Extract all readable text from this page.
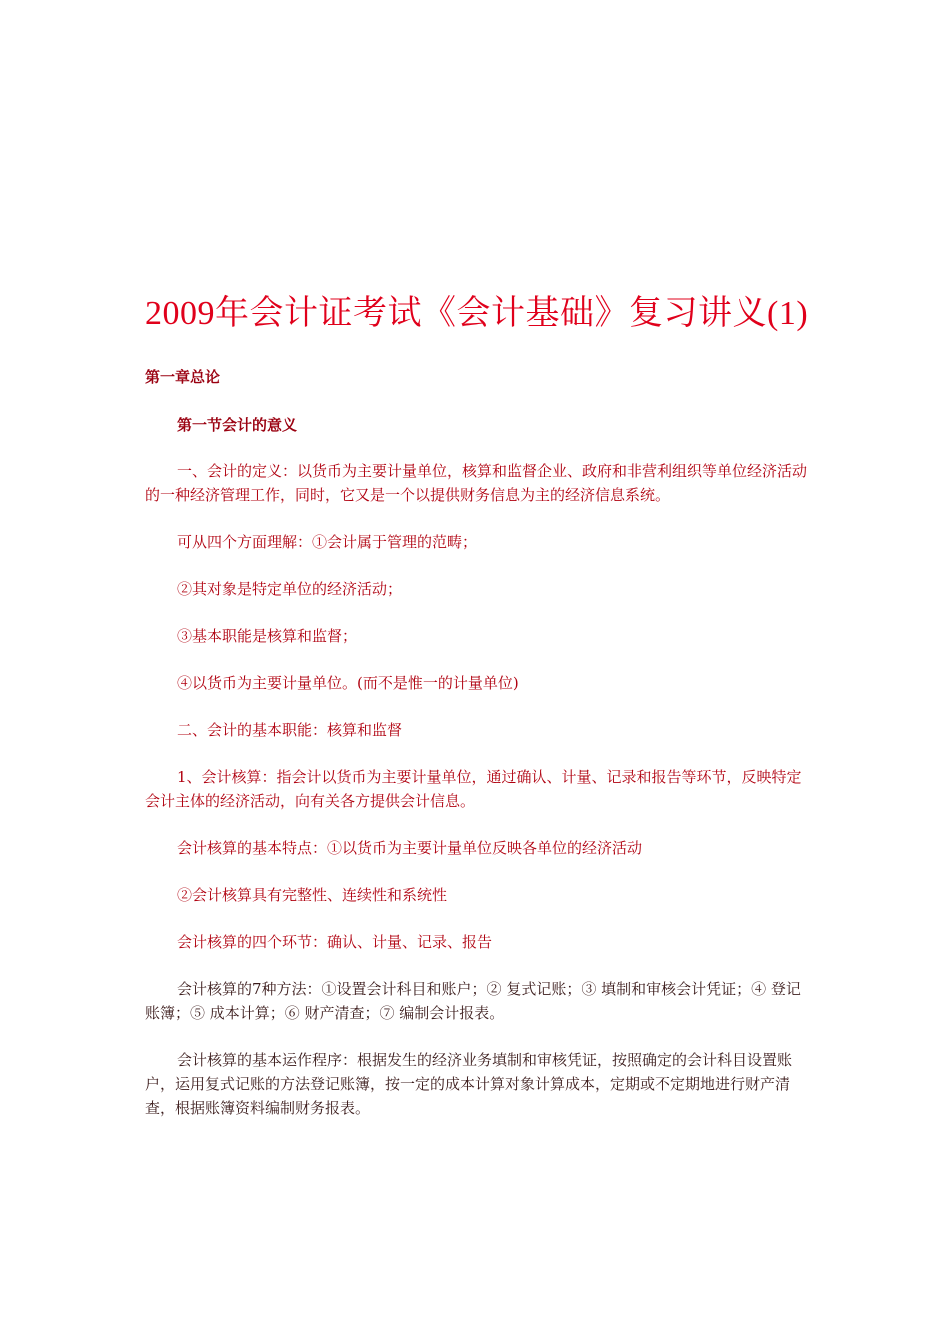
2009年会计证考试《会计基础》复习讲义(1)
第一章总论
第一节会计的意义

一、会计的定义：以货币为主要计量单位，核算和监督企业、政府和非营利组织等单位经济活动的一种经济管理工作，同时，它又是一个以提供财务信息为主的经济信息系统。

可从四个方面理解：①会计属于管理的范畴；

②其对象是特定单位的经济活动；

③基本职能是核算和监督；

④以货币为主要计量单位。(而不是惟一的计量单位)

二、会计的基本职能：核算和监督

1、会计核算：指会计以货币为主要计量单位，通过确认、计量、记录和报告等环节，反映特定会计主体的经济活动，向有关各方提供会计信息。

会计核算的基本特点：①以货币为主要计量单位反映各单位的经济活动

②会计核算具有完整性、连续性和系统性

会计核算的四个环节：确认、计量、记录、报告

会计核算的7种方法：①设置会计科目和账户；② 复式记账；③ 填制和审核会计凭证；④ 登记账簿；⑤ 成本计算；⑥ 财产清查；⑦ 编制会计报表。

会计核算的基本运作程序：根据发生的经济业务填制和审核凭证，按照确定的会计科目设置账户，运用复式记账的方法登记账簿，按一定的成本计算对象计算成本，定期或不定期地进行财产清查，根据账簿资料编制财务报表。
